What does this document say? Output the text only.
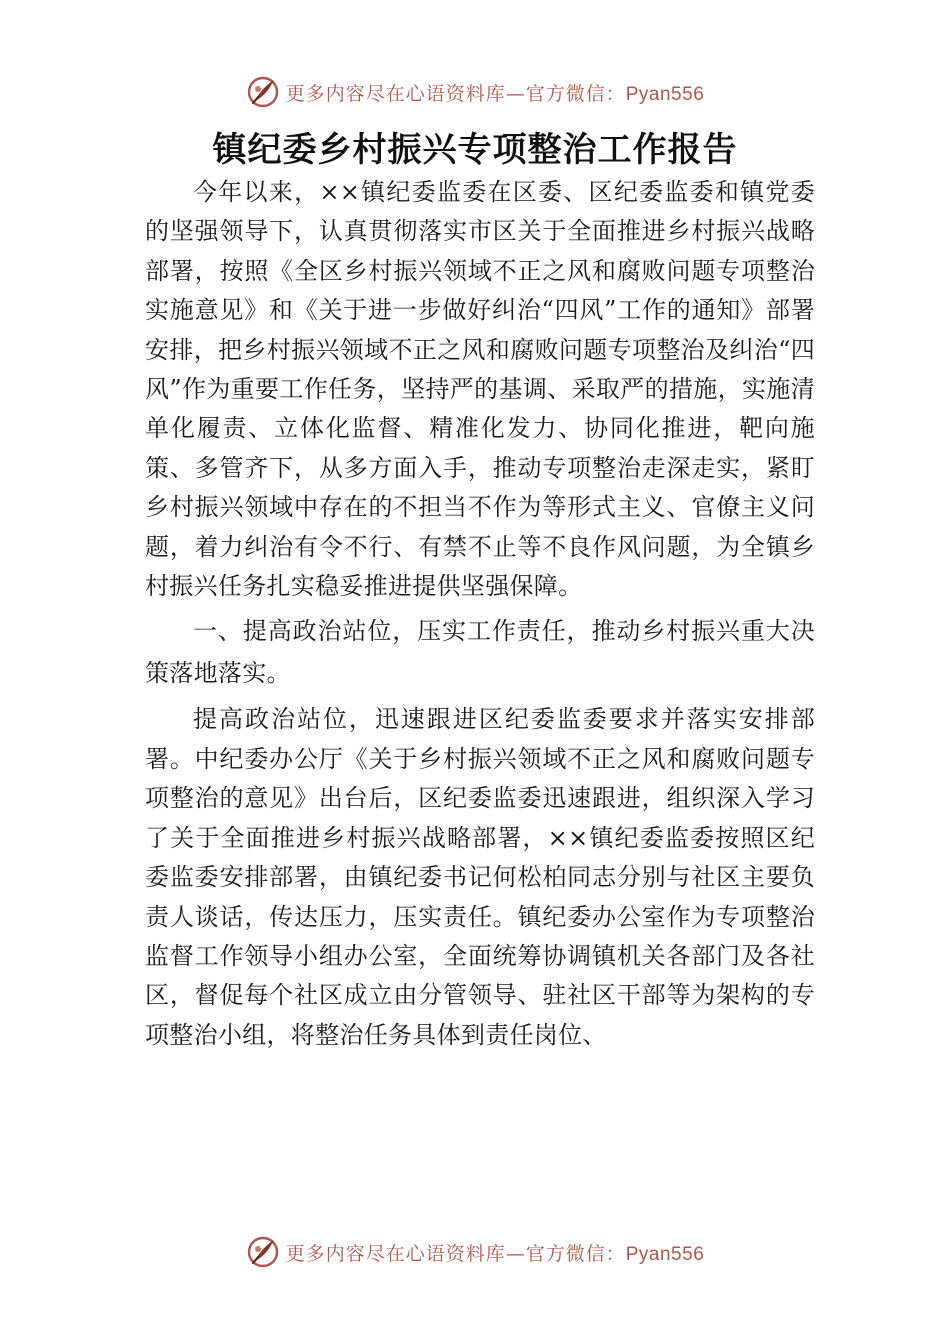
更多内容尽在心语资料库—官方微信：Pyan556
镇纪委乡村振兴专项整治工作报告

今年以来，××镇纪委监委在区委、区纪委监委和镇党委的坚强领导下，认真贯彻落实市区关于全面推进乡村振兴战略部署，按照《全区乡村振兴领域不正之风和腐败问题专项整治实施意见》和《关于进一步做好纠治“四风”工作的通知》部署安排，把乡村振兴领域不正之风和腐败问题专项整治及纠治“四风”作为重要工作任务，坚持严的基调、采取严的措施，实施清单化履责、立体化监督、精准化发力、协同化推进，靶向施策、多管齐下，从多方面入手，推动专项整治走深走实，紧盯乡村振兴领域中存在的不担当不作为等形式主义、官僚主义问题，着力纠治有令不行、有禁不止等不良作风问题，为全镇乡村振兴任务扎实稳妥推进提供坚强保障。

一、提高政治站位，压实工作责任，推动乡村振兴重大决策落地落实。

提高政治站位，迅速跟进区纪委监委要求并落实安排部署。中纪委办公厅《关于乡村振兴领域不正之风和腐败问题专项整治的意见》出台后，区纪委监委迅速跟进，组织深入学习了关于全面推进乡村振兴战略部署，××镇纪委监委按照区纪委监委安排部署，由镇纪委书记何松柏同志分别与社区主要负责人谈话，传达压力，压实责任。镇纪委办公室作为专项整治监督工作领导小组办公室，全面统筹协调镇机关各部门及各社区，督促每个社区成立由分管领导、驻社区干部等为架构的专项整治小组，将整治任务具体到责任岗位、

更多内容尽在心语资料库—官方微信：Pyan556
